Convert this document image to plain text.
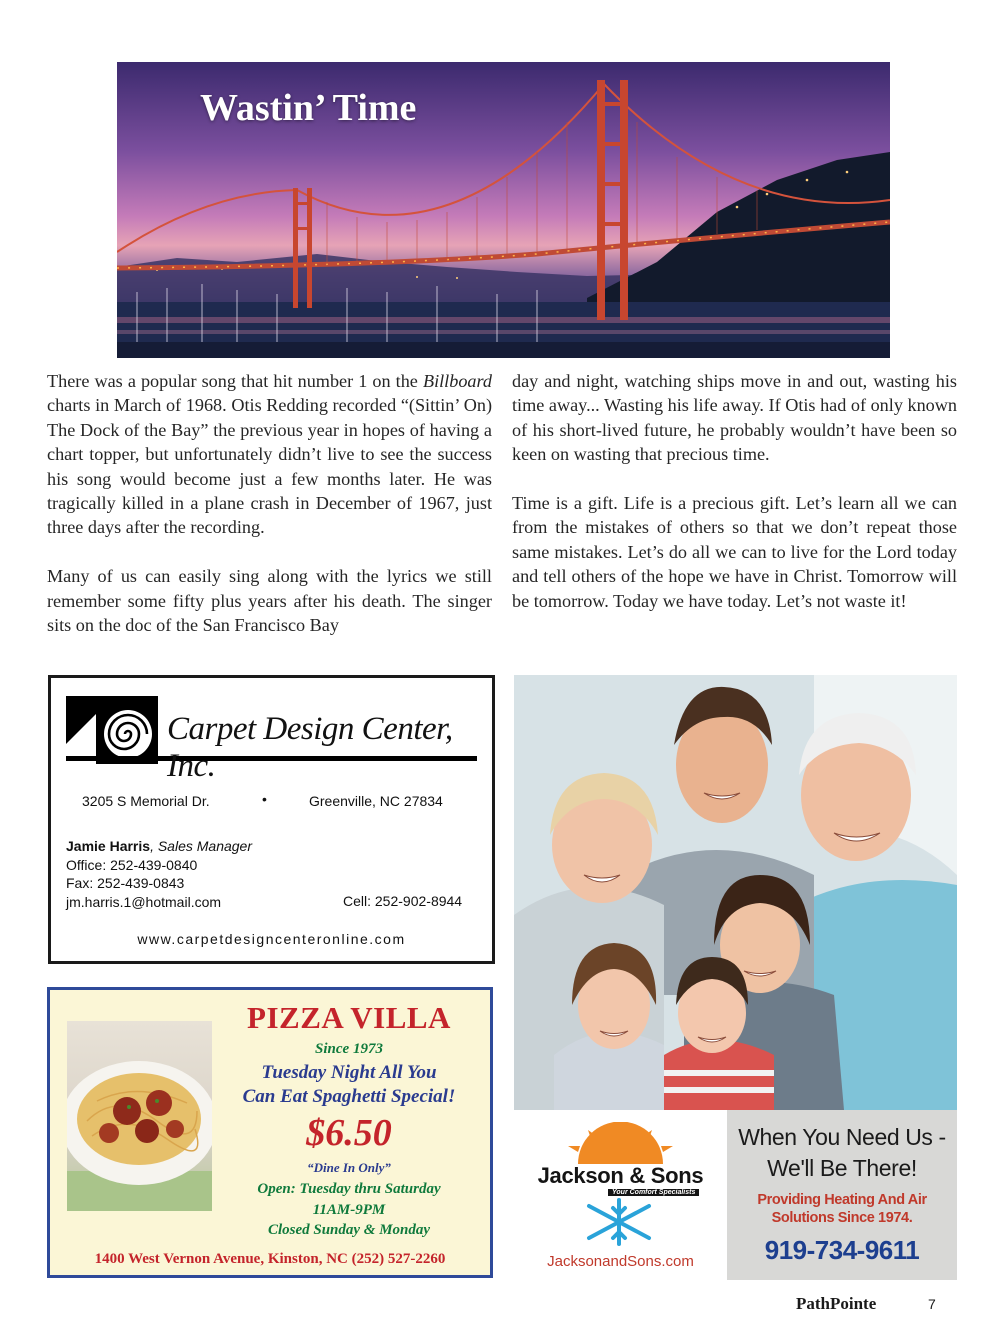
Wastin’ Time

There was a popular song that hit number 1 on the Billboard charts in March of 1968. Otis Redding recorded “(Sittin’ On) The Dock of the Bay” the previous year in hopes of having a chart topper, but unfortunately didn’t live to see the success his song would become just a few months later. He was tragically killed in a plane crash in December of 1967, just three days after the recording.

Many of us can easily sing along with the lyrics we still remember some fifty plus years after his death. The singer sits on the doc of the San Francisco Bay

day and night, watching ships move in and out, wasting his time away... Wasting his life away. If Otis had of only known of his short-lived future, he probably wouldn’t have been so keen on wasting that precious time.

Time is a gift. Life is a precious gift. Let’s learn all we can from the mistakes of others so that we don’t repeat those same mistakes. Let’s do all we can to live for the Lord today and tell others of the hope we have in Christ. Tomorrow will be tomorrow. Today we have today. Let’s not waste it!

Carpet Design Center, Inc.
3205 S Memorial Dr.	•	Greenville, NC 27834
Jamie Harris, Sales Manager
Office: 252-439-0840
Fax: 252-439-0843
jm.harris.1@hotmail.com	Cell: 252-902-8944
www.carpetdesigncenteronline.com
PIZZA VILLA
Since 1973
Tuesday Night All You
Can Eat Spaghetti Special!
$6.50
“Dine In Only”
Open: Tuesday thru Saturday
11AM-9PM
Closed Sunday & Monday
1400 West Vernon Avenue, Kinston, NC (252) 527-2260
Jackson & Sons
Your Comfort Specialists
JacksonandSons.com
When You Need Us -
We'll Be There!
Providing Heating And Air
Solutions Since 1974.
919-734-9611
PathPointe	7
